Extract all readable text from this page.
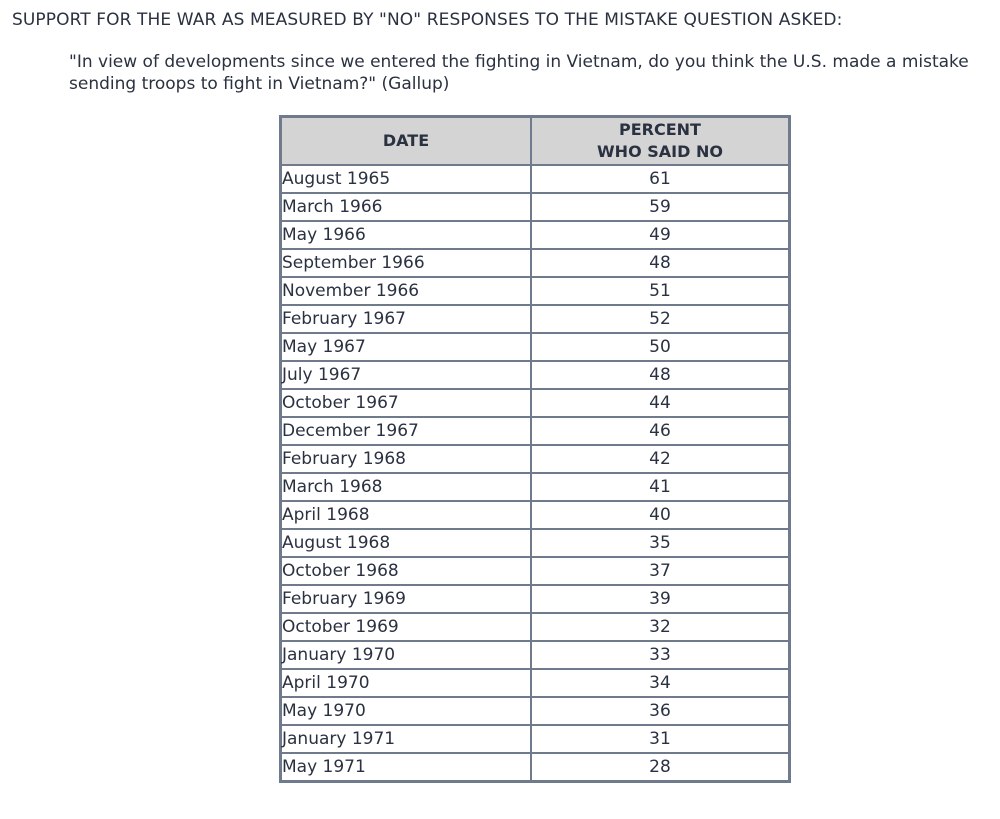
SUPPORT FOR THE WAR AS MEASURED BY "NO" RESPONSES TO THE MISTAKE QUESTION ASKED:
"In view of developments since we entered the fighting in Vietnam, do you think the U.S. made a mistake sending troops to fight in Vietnam?" (Gallup)
DATE	PERCENT
WHO SAID NO

August 1965	61
March 1966	59
May 1966	49
September 1966	48
November 1966	51
February 1967	52
May 1967	50
July 1967	48
October 1967	44
December 1967	46
February 1968	42
March 1968	41
April 1968	40
August 1968	35
October 1968	37
February 1969	39
October 1969	32
January 1970	33
April 1970	34
May 1970	36
January 1971	31
May 1971	28
